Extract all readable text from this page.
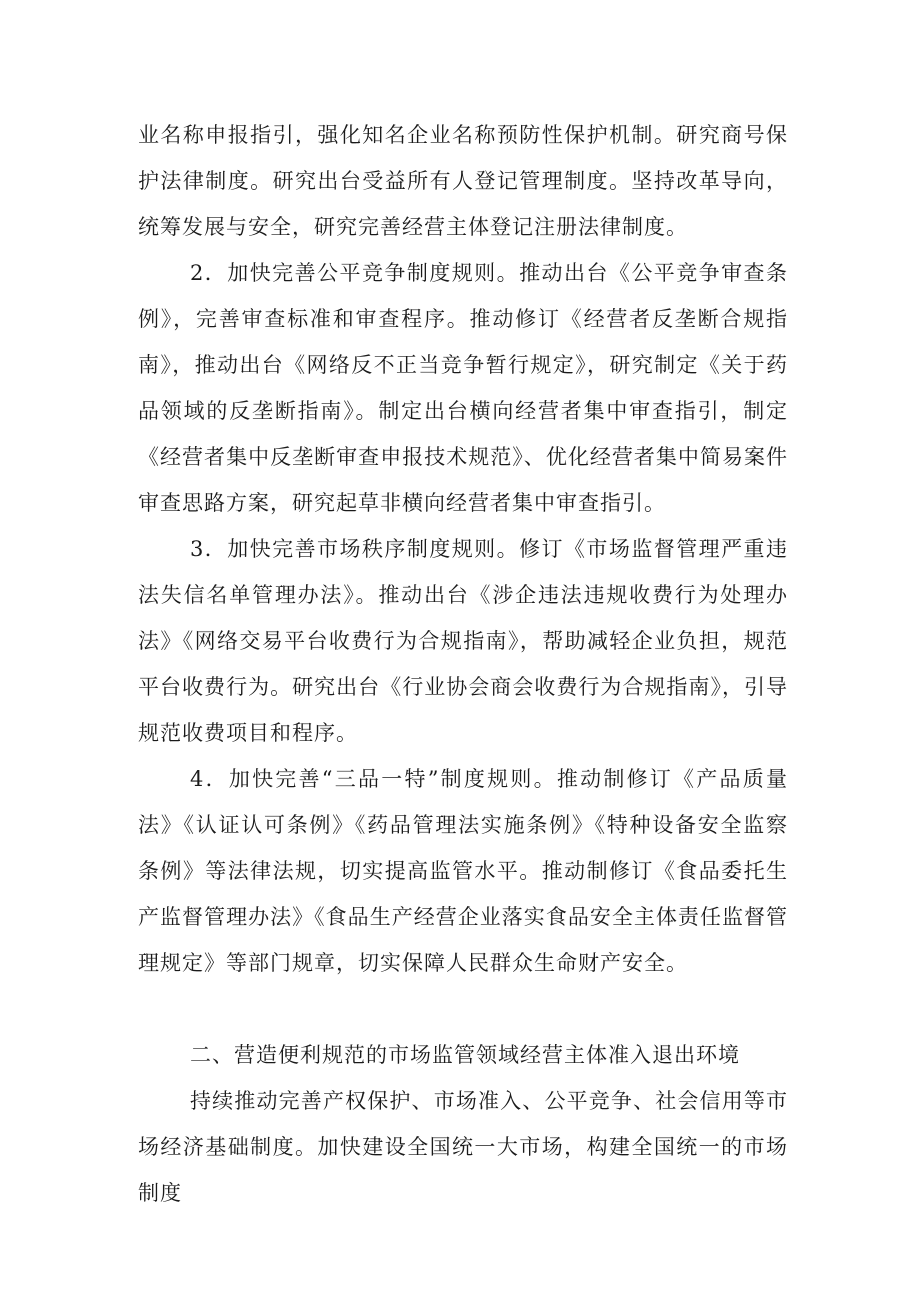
业名称申报指引，强化知名企业名称预防性保护机制。研究商号保护法律制度。研究出台受益所有人登记管理制度。坚持改革导向，统筹发展与安全，研究完善经营主体登记注册法律制度。

2．加快完善公平竞争制度规则。推动出台《公平竞争审查条例》，完善审查标准和审查程序。推动修订《经营者反垄断合规指南》，推动出台《网络反不正当竞争暂行规定》，研究制定《关于药品领域的反垄断指南》。制定出台横向经营者集中审查指引，制定《经营者集中反垄断审查申报技术规范》、优化经营者集中简易案件审查思路方案，研究起草非横向经营者集中审查指引。

3．加快完善市场秩序制度规则。修订《市场监督管理严重违法失信名单管理办法》。推动出台《涉企违法违规收费行为处理办法》《网络交易平台收费行为合规指南》，帮助减轻企业负担，规范平台收费行为。研究出台《行业协会商会收费行为合规指南》，引导规范收费项目和程序。

4．加快完善“三品一特”制度规则。推动制修订《产品质量法》《认证认可条例》《药品管理法实施条例》《特种设备安全监察条例》等法律法规，切实提高监管水平。推动制修订《食品委托生产监督管理办法》《食品生产经营企业落实食品安全主体责任监督管理规定》等部门规章，切实保障人民群众生命财产安全。

二、营造便利规范的市场监管领域经营主体准入退出环境

持续推动完善产权保护、市场准入、公平竞争、社会信用等市场经济基础制度。加快建设全国统一大市场，构建全国统一的市场制度
